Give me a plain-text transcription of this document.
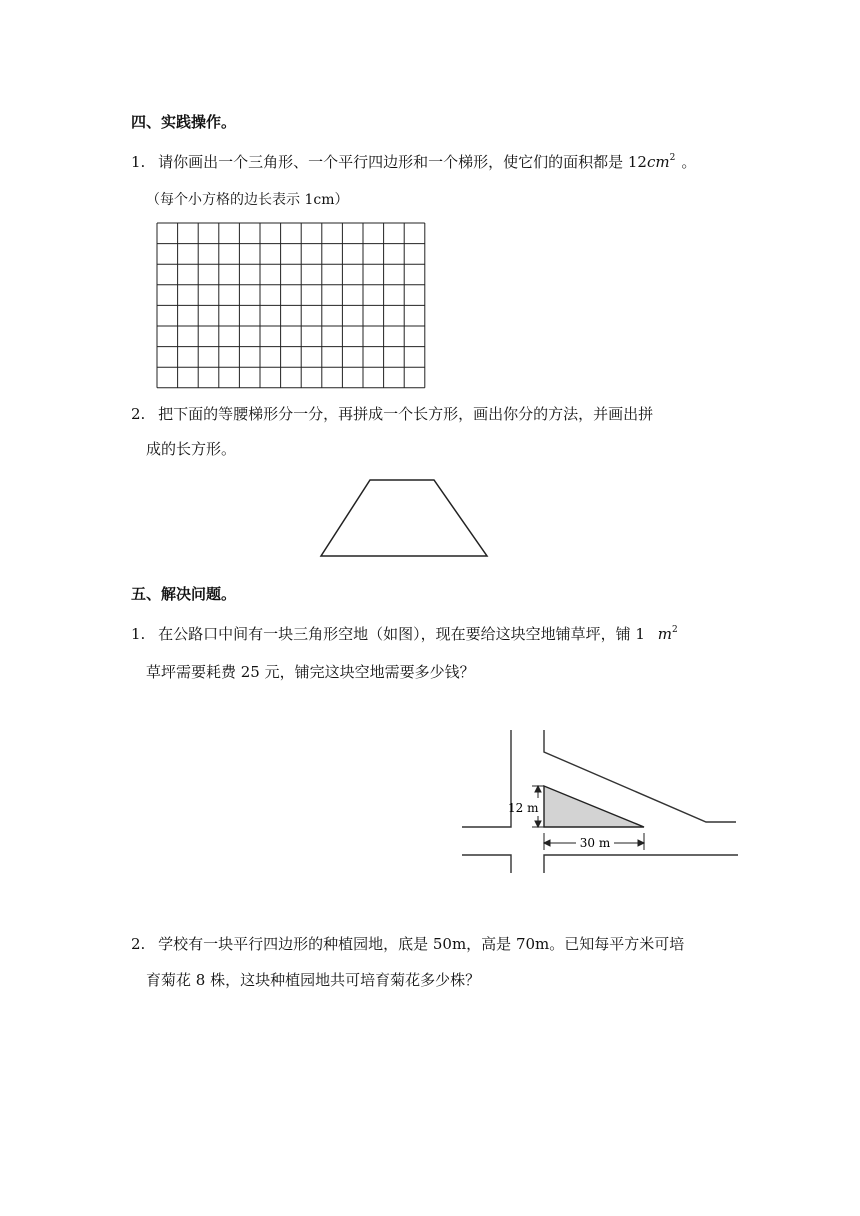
四、实践操作。
1. 请你画出一个三角形、一个平行四边形和一个梯形，使它们的面积都是 $12cm^2$ 。
（每个小方格的边长表示 1cm）
2. 把下面的等腰梯形分一分，再拼成一个长方形，画出你分的方法，并画出拼
成的长方形。
五、解决问题。
1. 在公路口中间有一块三角形空地（如图），现在要给这块空地铺草坪，铺 1 $m^2$
草坪需要耗费 25 元，铺完这块空地需要多少钱？
12 m
30 m
2. 学校有一块平行四边形的种植园地，底是 50m，高是 70m。已知每平方米可培
育菊花 8 株，这块种植园地共可培育菊花多少株？
